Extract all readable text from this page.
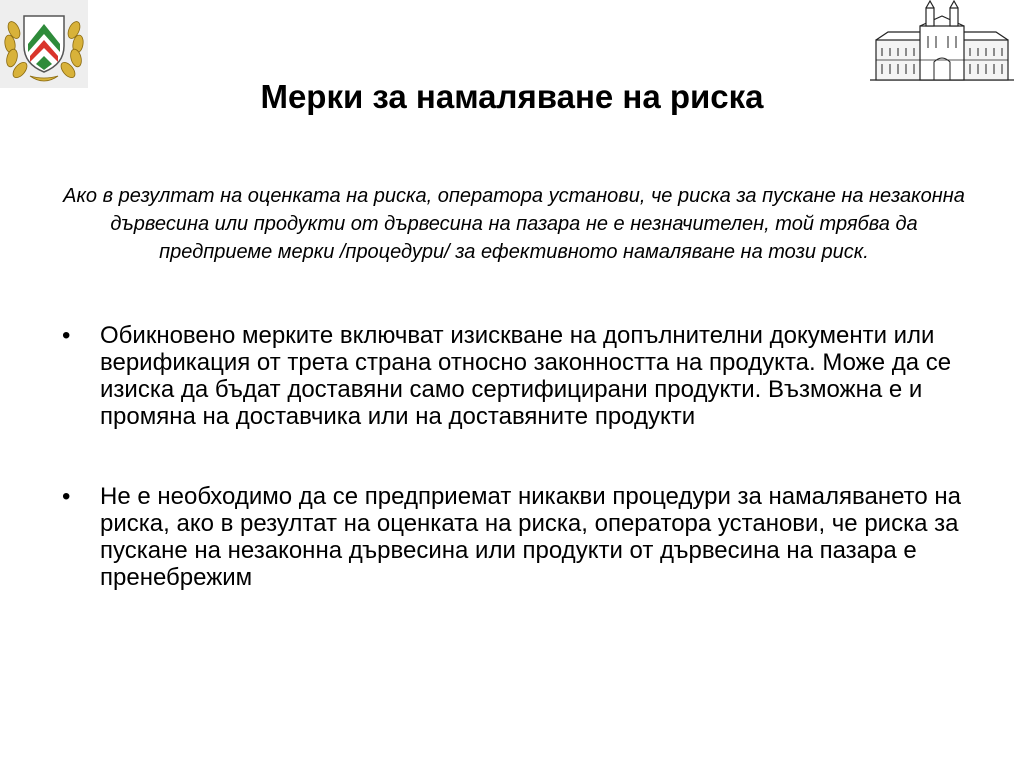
Мерки за намаляване на риска

Ако в резултат на оценката на риска, оператора установи, че риска за пускане на незаконна дървесина или продукти от дървесина на пазара не е незначителен, той трябва да предприеме мерки /процедури/ за ефективното намаляване на този риск.

• Обикновено мерките включват изискване на допълнителни документи или верификация от трета страна относно законността на продукта. Може да се изиска да бъдат доставяни само сертифицирани продукти. Възможна е и промяна на доставчика или на доставяните продукти
• Не е необходимо да се предприемат никакви процедури за намаляването на риска, ако в резултат на оценката на риска, оператора установи, че риска за пускане на незаконна дървесина или продукти от дървесина на пазара е пренебрежим
